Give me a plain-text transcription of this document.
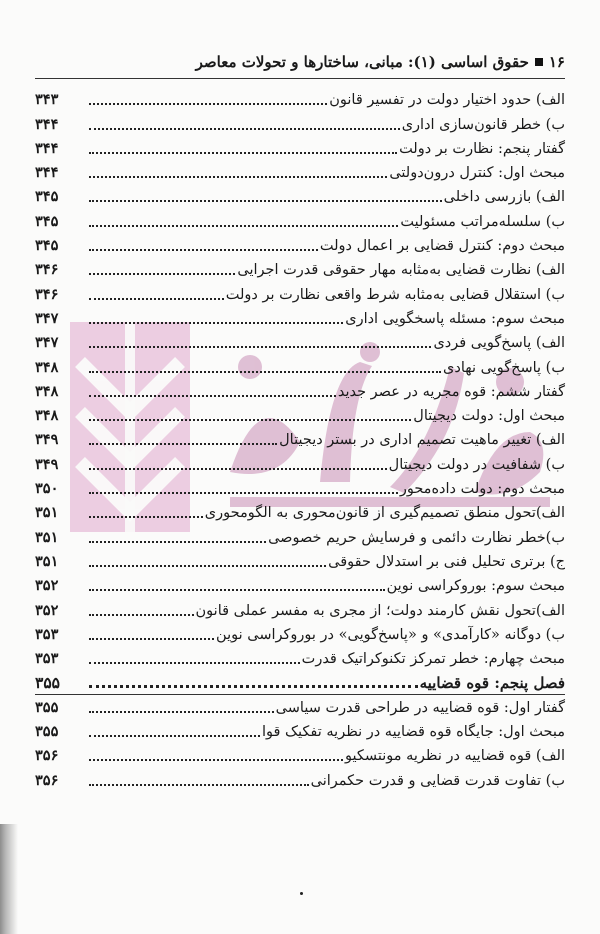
۱۶
حقوق اساسی (۱): مبانی، ساختارها و تحولات معاصر
الف) حدود اختیار دولت در تفسیر قانون
۳۴۳
ب) خطر قانون‌سازی اداری
۳۴۴
گفتار پنجم: نظارت بر دولت
۳۴۴
مبحث اول: کنترل درون‌دولتی
۳۴۴
الف) بازرسی داخلی
۳۴۵
ب) سلسله‌مراتب مسئولیت
۳۴۵
مبحث دوم: کنترل قضایی بر اعمال دولت
۳۴۵
الف) نظارت قضایی به‌مثابه مهار حقوقی قدرت اجرایی
۳۴۶
ب) استقلال قضایی به‌مثابه شرط واقعی نظارت بر دولت
۳۴۶
مبحث سوم: مسئله پاسخگویی اداری
۳۴۷
الف) پاسخ‌گویی فردی
۳۴۷
ب) پاسخ‌گویی نهادی
۳۴۸
گفتار ششم: قوه مجریه در عصر جدید
۳۴۸
مبحث اول: دولت دیجیتال
۳۴۸
الف) تغییر ماهیت تصمیم اداری در بستر دیجیتال
۳۴۹
ب) شفافیت در دولت دیجیتال
۳۴۹
مبحث دوم: دولت داده‌محور
۳۵۰
الف)تحول منطق تصمیم‌گیری از قانون‌محوری به الگومحوری
۳۵۱
ب)خطر نظارت دائمی و فرسایش حریم خصوصی
۳۵۱
ج) برتری تحلیل فنی بر استدلال حقوقی
۳۵۱
مبحث سوم: بوروکراسی نوین
۳۵۲
الف)تحول نقش کارمند دولت؛ از مجری به مفسر عملی قانون
۳۵۲
ب) دوگانه «کارآمدی» و «پاسخ‌گویی» در بوروکراسی نوین
۳۵۳
مبحث چهارم: خطر تمرکز تکنوکراتیک قدرت
۳۵۳
فصل پنجم: قوه قضاییه
۳۵۵
گفتار اول: قوه قضاییه در طراحی قدرت سیاسی
۳۵۵
مبحث اول: جایگاه قوه قضاییه در نظریه تفکیک قوا
۳۵۵
الف) قوه قضاییه در نظریه مونتسکیو
۳۵۶
ب) تفاوت قدرت قضایی و قدرت حکمرانی
۳۵۶
